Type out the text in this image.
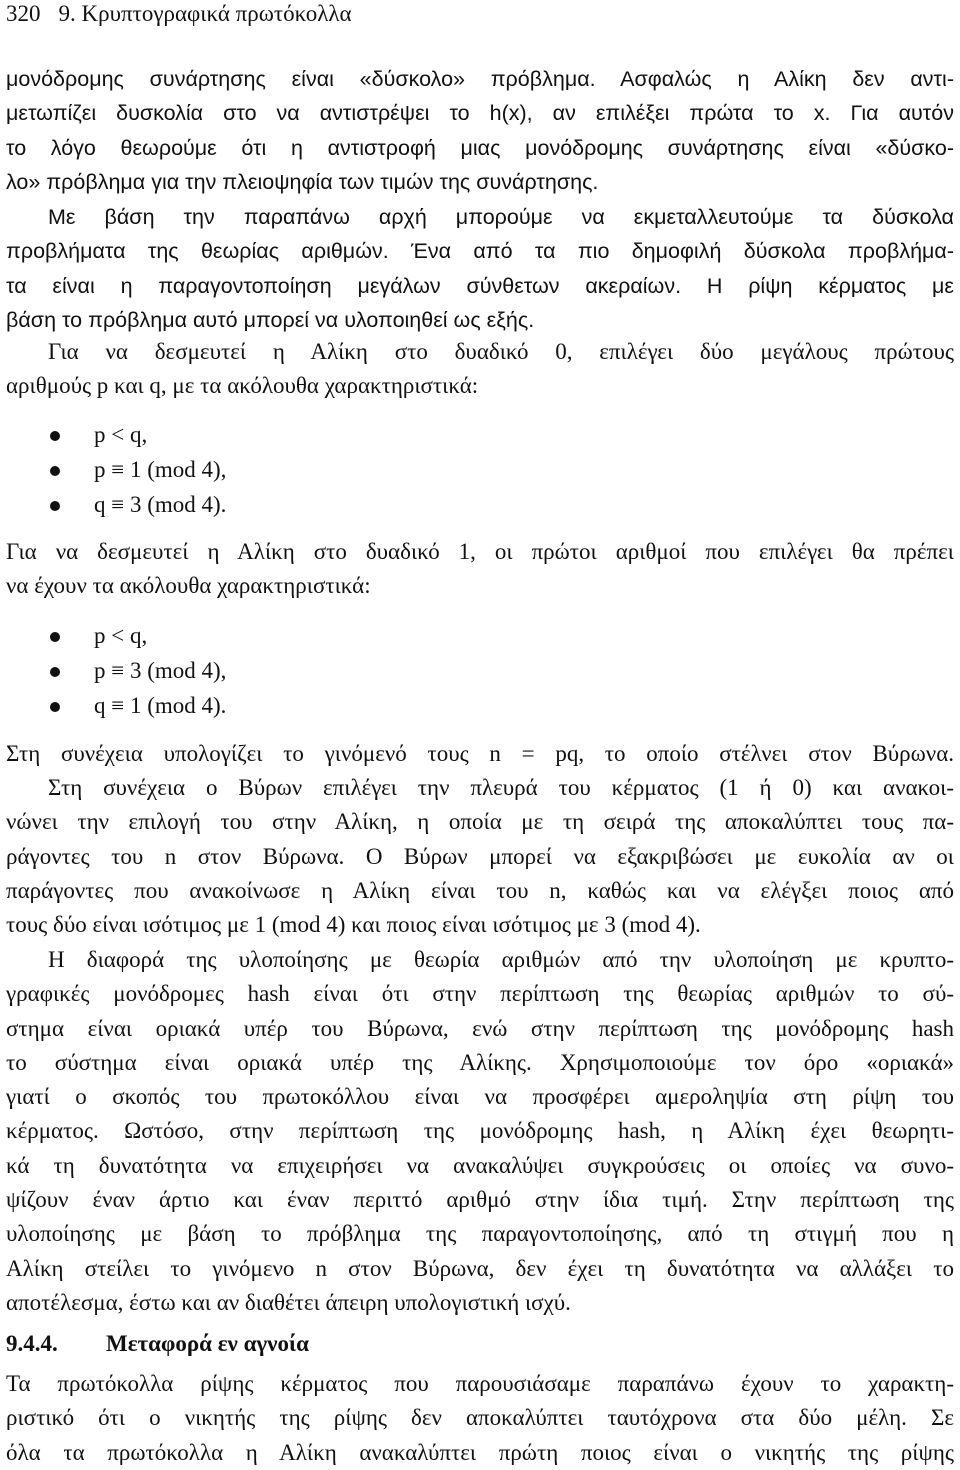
320 9. Κρυπτογραφικά πρωτόκολλα
μονόδρομης συνάρτησης είναι «δύσκολο» πρόβλημα. Ασφαλώς η Αλίκη δεν αντι-
μετωπίζει δυσκολία στο να αντιστρέψει το h(x), αν επιλέξει πρώτα το x. Για αυτόν
το λόγο θεωρούμε ότι η αντιστροφή μιας μονόδρομης συνάρτησης είναι «δύσκο-
λο» πρόβλημα για την πλειοψηφία των τιμών της συνάρτησης.
Με βάση την παραπάνω αρχή μπορούμε να εκμεταλλευτούμε τα δύσκολα
προβλήματα της θεωρίας αριθμών. Ένα από τα πιο δημοφιλή δύσκολα προβλήμα-
τα είναι η παραγοντοποίηση μεγάλων σύνθετων ακεραίων. Η ρίψη κέρματος με
βάση το πρόβλημα αυτό μπορεί να υλοποιηθεί ως εξής.
Για να δεσμευτεί η Αλίκη στο δυαδικό 0, επιλέγει δύο μεγάλους πρώτους
αριθμούς p και q, με τα ακόλουθα χαρακτηριστικά:
p < q,
p ≡ 1 (mod 4),
q ≡ 3 (mod 4).
Για να δεσμευτεί η Αλίκη στο δυαδικό 1, οι πρώτοι αριθμοί που επιλέγει θα πρέπει
να έχουν τα ακόλουθα χαρακτηριστικά:
p < q,
p ≡ 3 (mod 4),
q ≡ 1 (mod 4).
Στη συνέχεια υπολογίζει το γινόμενό τους n = pq, το οποίο στέλνει στον Βύρωνα.
Στη συνέχεια ο Βύρων επιλέγει την πλευρά του κέρματος (1 ή 0) και ανακοι-
νώνει την επιλογή του στην Αλίκη, η οποία με τη σειρά της αποκαλύπτει τους πα-
ράγοντες του n στον Βύρωνα. Ο Βύρων μπορεί να εξακριβώσει με ευκολία αν οι
παράγοντες που ανακοίνωσε η Αλίκη είναι του n, καθώς και να ελέγξει ποιος από
τους δύο είναι ισότιμος με 1 (mod 4) και ποιος είναι ισότιμος με 3 (mod 4).
Η διαφορά της υλοποίησης με θεωρία αριθμών από την υλοποίηση με κρυπτο-
γραφικές μονόδρομες hash είναι ότι στην περίπτωση της θεωρίας αριθμών το σύ-
στημα είναι οριακά υπέρ του Βύρωνα, ενώ στην περίπτωση της μονόδρομης hash
το σύστημα είναι οριακά υπέρ της Αλίκης. Χρησιμοποιούμε τον όρο «οριακά»
γιατί ο σκοπός του πρωτοκόλλου είναι να προσφέρει αμεροληψία στη ρίψη του
κέρματος. Ωστόσο, στην περίπτωση της μονόδρομης hash, η Αλίκη έχει θεωρητι-
κά τη δυνατότητα να επιχειρήσει να ανακαλύψει συγκρούσεις οι οποίες να συνο-
ψίζουν έναν άρτιο και έναν περιττό αριθμό στην ίδια τιμή. Στην περίπτωση της
υλοποίησης με βάση το πρόβλημα της παραγοντοποίησης, από τη στιγμή που η
Αλίκη στείλει το γινόμενο n στον Βύρωνα, δεν έχει τη δυνατότητα να αλλάξει το
αποτέλεσμα, έστω και αν διαθέτει άπειρη υπολογιστική ισχύ.
9.4.4. Μεταφορά εν αγνοία
Τα πρωτόκολλα ρίψης κέρματος που παρουσιάσαμε παραπάνω έχουν το χαρακτη-
ριστικό ότι ο νικητής της ρίψης δεν αποκαλύπτει ταυτόχρονα στα δύο μέλη. Σε
όλα τα πρωτόκολλα η Αλίκη ανακαλύπτει πρώτη ποιος είναι ο νικητής της ρίψης
